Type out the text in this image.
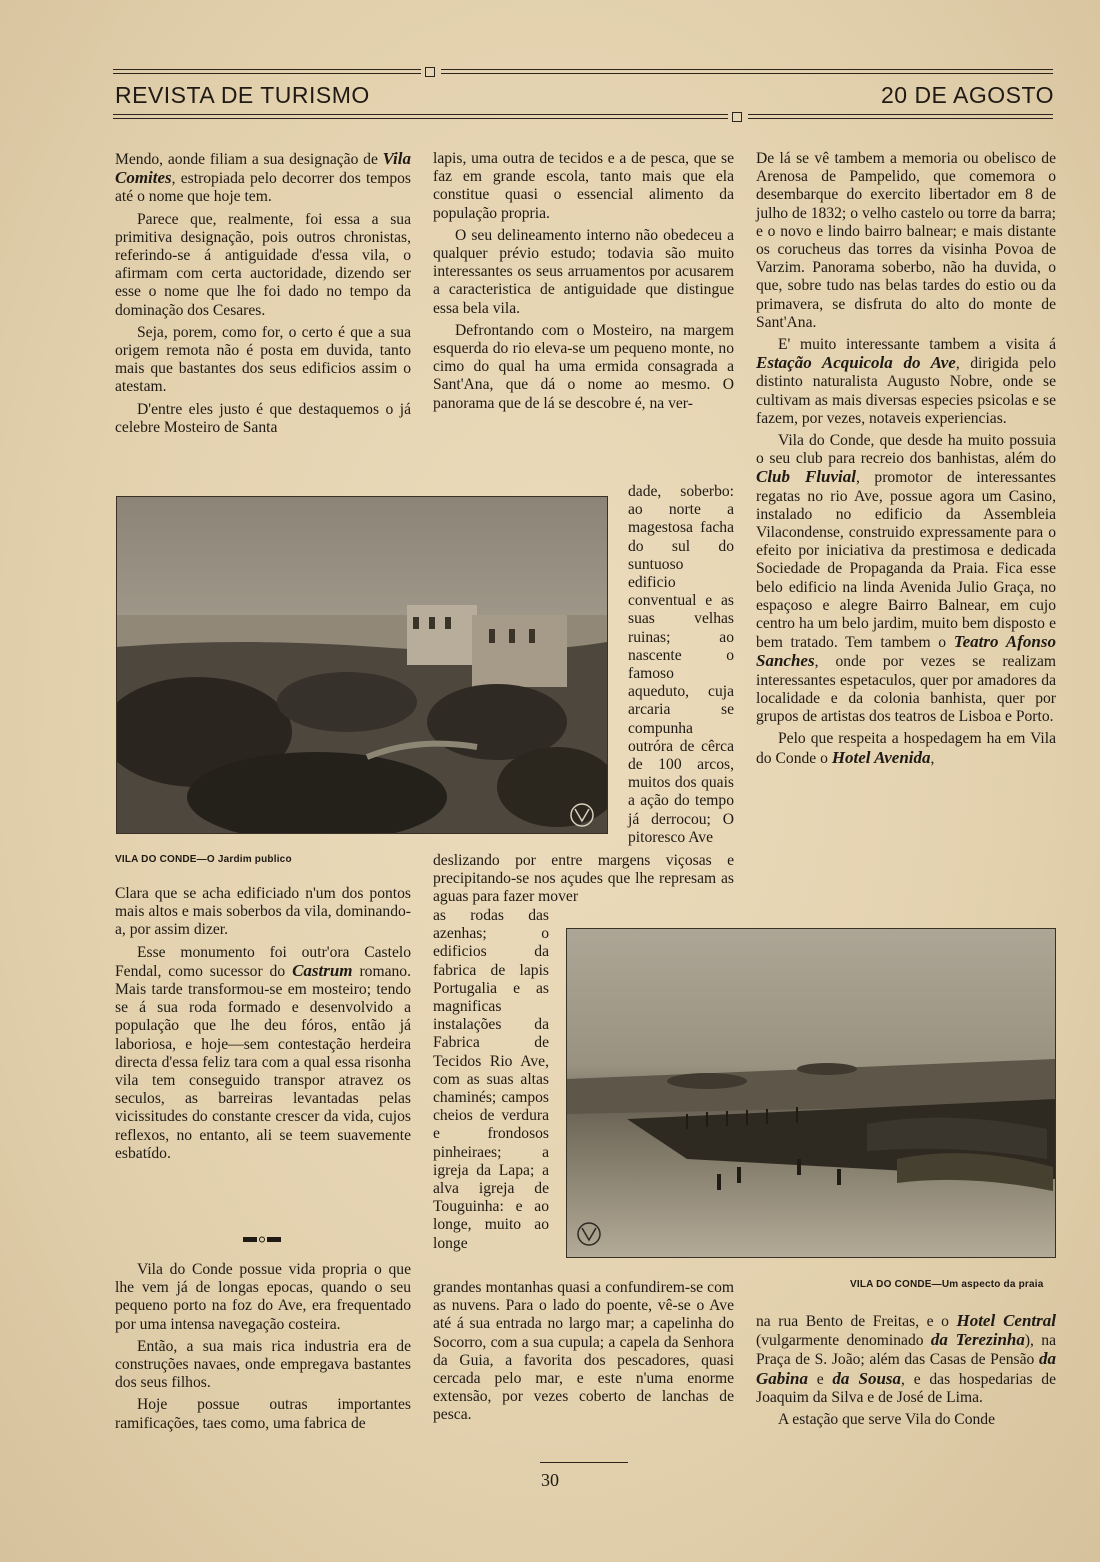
REVISTA DE TURISMO	20 DE AGOSTO

Mendo, aonde filiam a sua designação de Vila Comites, estropiada pelo decorrer dos tempos até o nome que hoje tem.

Parece que, realmente, foi essa a sua primitiva designação, pois outros chronistas, referindo-se á antiguidade d'essa vila, o afirmam com certa auctoridade, dizendo ser esse o nome que lhe foi dado no tempo da dominação dos Cesares.

Seja, porem, como for, o certo é que a sua origem remota não é posta em duvida, tanto mais que bastantes dos seus edificios assim o atestam.

D'entre eles justo é que destaquemos o já celebre Mosteiro de Santa

VILA DO CONDE—O Jardim publico

Clara que se acha edificiado n'um dos pontos mais altos e mais soberbos da vila, dominando-a, por assim dizer.

Esse monumento foi outr'ora Castelo Fendal, como sucessor do Castrum romano. Mais tarde transformou-se em mosteiro; tendo se á sua roda formado e desenvolvido a população que lhe deu fóros, então já laboriosa, e hoje—sem contestação herdeira directa d'essa feliz tara com a qual essa risonha vila tem conseguido transpor atravez os seculos, as barreiras levantadas pelas vicissitudes do constante crescer da vida, cujos reflexos, no entanto, ali se teem suavemente esbatído.

Vila do Conde possue vida propria o que lhe vem já de longas epocas, quando o seu pequeno porto na foz do Ave, era frequentado por uma intensa navegação costeira.

Então, a sua mais rica industria era de construções navaes, onde empregava bastantes dos seus filhos.

Hoje possue outras importantes ramificações, taes como, uma fabrica de

lapis, uma outra de tecidos e a de pesca, que se faz em grande escola, tanto mais que ela constitue quasi o essencial alimento da população propria.

O seu delineamento interno não obedeceu a qualquer prévio estudo; todavia são muito interessantes os seus arruamentos por acusarem a caracteristica de antiguidade que distingue essa bela vila.

Defrontando com o Mosteiro, na margem esquerda do rio eleva-se um pequeno monte, no cimo do qual ha uma ermida consagrada a Sant'Ana, que dá o nome ao mesmo. O panorama que de lá se descobre é, na ver-

dade, soberbo: ao norte a magestosa facha do sul do suntuoso edificio conventual e as suas velhas ruinas; ao nascente o famoso aqueduto, cuja arcaria se compunha outróra de cêrca de 100 arcos, muitos dos quais a ação do tempo já derrocou; O pitoresco Ave

deslizando por entre margens viçosas e precipitando-se nos açudes que lhe represam as aguas para fazer mover

as rodas das azenhas; o edificios da fabrica de lapis Portugalia e as magnificas instalações da Fabrica de Tecidos Rio Ave, com as suas altas chaminés; campos cheios de verdura e frondosos pinheiraes; a igreja da Lapa; a alva igreja de Touguinha: e ao longe, muito ao longe

grandes montanhas quasi a confundirem-se com as nuvens. Para o lado do poente, vê-se o Ave até á sua entrada no largo mar; a capelinha do Socorro, com a sua cupula; a capela da Senhora da Guia, a favorita dos pescadores, quasi cercada pelo mar, e este n'uma enorme extensão, por vezes coberto de lanchas de pesca.

De lá se vê tambem a memoria ou obelisco de Arenosa de Pampelido, que comemora o desembarque do exercito libertador em 8 de julho de 1832; o velho castelo ou torre da barra; e o novo e lindo bairro balnear; e mais distante os corucheus das torres da visinha Povoa de Varzim. Panorama soberbo, não ha duvida, o que, sobre tudo nas belas tardes do estio ou da primavera, se disfruta do alto do monte de Sant'Ana.

E' muito interessante tambem a visita á Estação Acquicola do Ave, dirigida pelo distinto naturalista Augusto Nobre, onde se cultivam as mais diversas especies psicolas e se fazem, por vezes, notaveis experiencias.

Vila do Conde, que desde ha muito possuia o seu club para recreio dos banhistas, além do Club Fluvial, promotor de interessantes regatas no rio Ave, possue agora um Casino, instalado no edificio da Assembleia Vilacondense, construido expressamente para o efeito por iniciativa da prestimosa e dedicada Sociedade de Propaganda da Praia. Fica esse belo edificio na linda Avenida Julio Graça, no espaçoso e alegre Bairro Balnear, em cujo centro ha um belo jardim, muito bem disposto e bem tratado. Tem tambem o Teatro Afonso Sanches, onde por vezes se realizam interessantes espetaculos, quer por amadores da localidade e da colonia banhista, quer por grupos de artistas dos teatros de Lisboa e Porto.

Pelo que respeita a hospedagem ha em Vila do Conde o Hotel Avenida,

VILA DO CONDE—Um aspecto da praia

na rua Bento de Freitas, e o Hotel Central (vulgarmente denominado da Terezinha), na Praça de S. João; além das Casas de Pensão da Gabina e da Sousa, e das hospedarias de Joaquim da Silva e de José de Lima.

A estação que serve Vila do Conde

30
